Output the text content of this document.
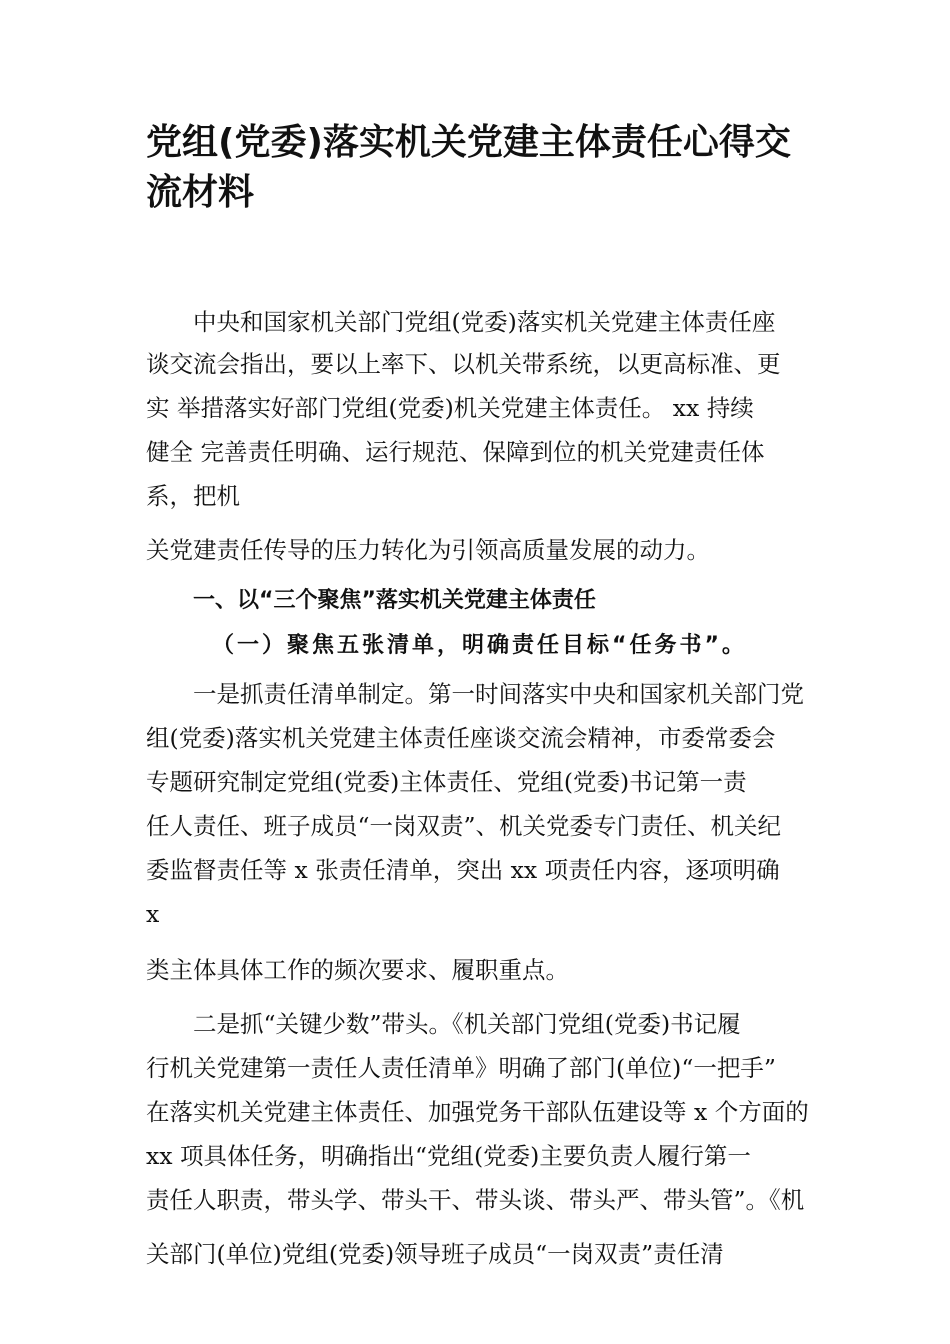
党组(党委)落实机关党建主体责任心得交流材料
中央和国家机关部门党组(党委)落实机关党建主体责任座
谈交流会指出，要以上率下、以机关带系统，以更高标准、更
实 举措落实好部门党组(党委)机关党建主体责任。 xx 持续
健全 完善责任明确、运行规范、保障到位的机关党建责任体
系，把机
关党建责任传导的压力转化为引领高质量发展的动力。
一、以“三个聚焦”落实机关党建主体责任
（一）聚焦五张清单，明确责任目标“任务书”。
一是抓责任清单制定。第一时间落实中央和国家机关部门党
组(党委)落实机关党建主体责任座谈交流会精神，市委常委会
专题研究制定党组(党委)主体责任、党组(党委)书记第一责
任人责任、班子成员“一岗双责”、机关党委专门责任、机关纪
委监督责任等 x 张责任清单，突出 xx 项责任内容，逐项明确
x
类主体具体工作的频次要求、履职重点。
二是抓“关键少数”带头。《机关部门党组(党委)书记履
行机关党建第一责任人责任清单》明确了部门(单位)“一把手”
在落实机关党建主体责任、加强党务干部队伍建设等 x 个方面的
xx 项具体任务，明确指出“党组(党委)主要负责人履行第一
责任人职责，带头学、带头干、带头谈、带头严、带头管”。《机
关部门(单位)党组(党委)领导班子成员“一岗双责”责任清
